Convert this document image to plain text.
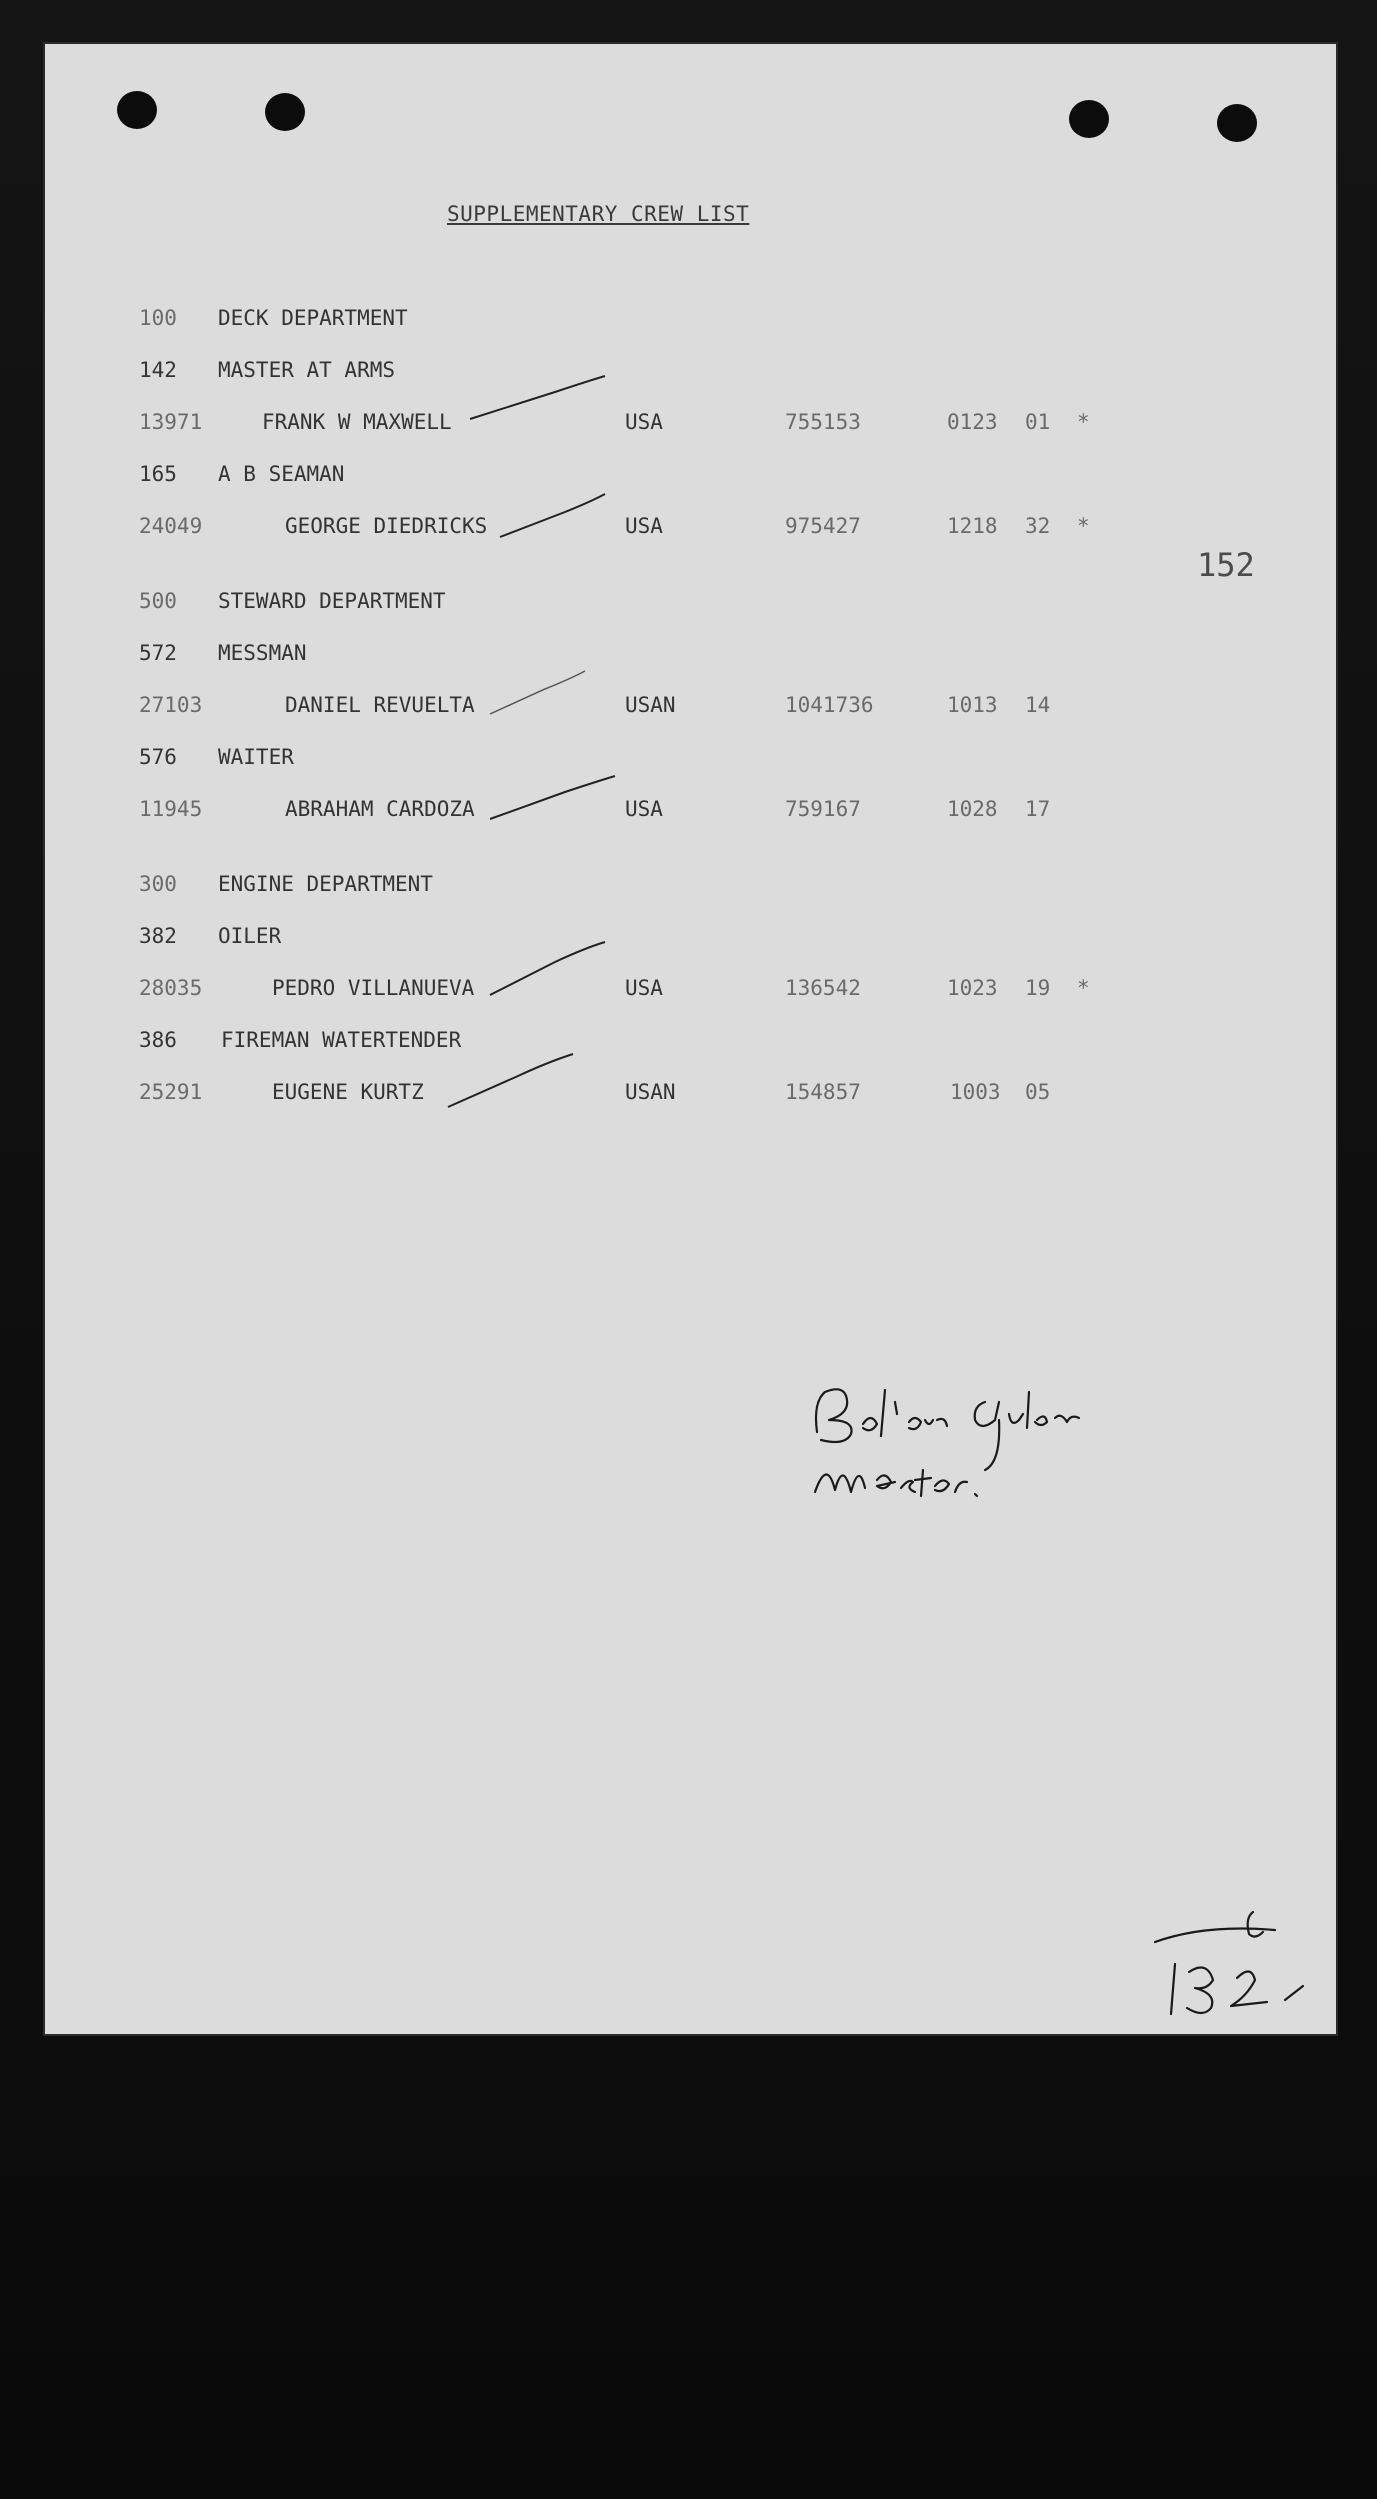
SUPPLEMENTARY CREW LIST
100 DECK DEPARTMENT
142 MASTER AT ARMS
13971	FRANK W MAXWELL	USA	755153	0123 01 *
165 A B SEAMAN
24049	GEORGE DIEDRICKS	USA	975427	1218 32 *
500 STEWARD DEPARTMENT
572 MESSMAN
27103	DANIEL REVUELTA	USAN	1041736	1013 14
576 WAITER
11945	ABRAHAM CARDOZA	USA	759167	1028 17
300 ENGINE DEPARTMENT
382 OILER
28035	PEDRO VILLANUEVA	USA	136542	1023 19 *
386 FIREMAN WATERTENDER
25291	EUGENE KURTZ	USAN	154857	1003 05
152
